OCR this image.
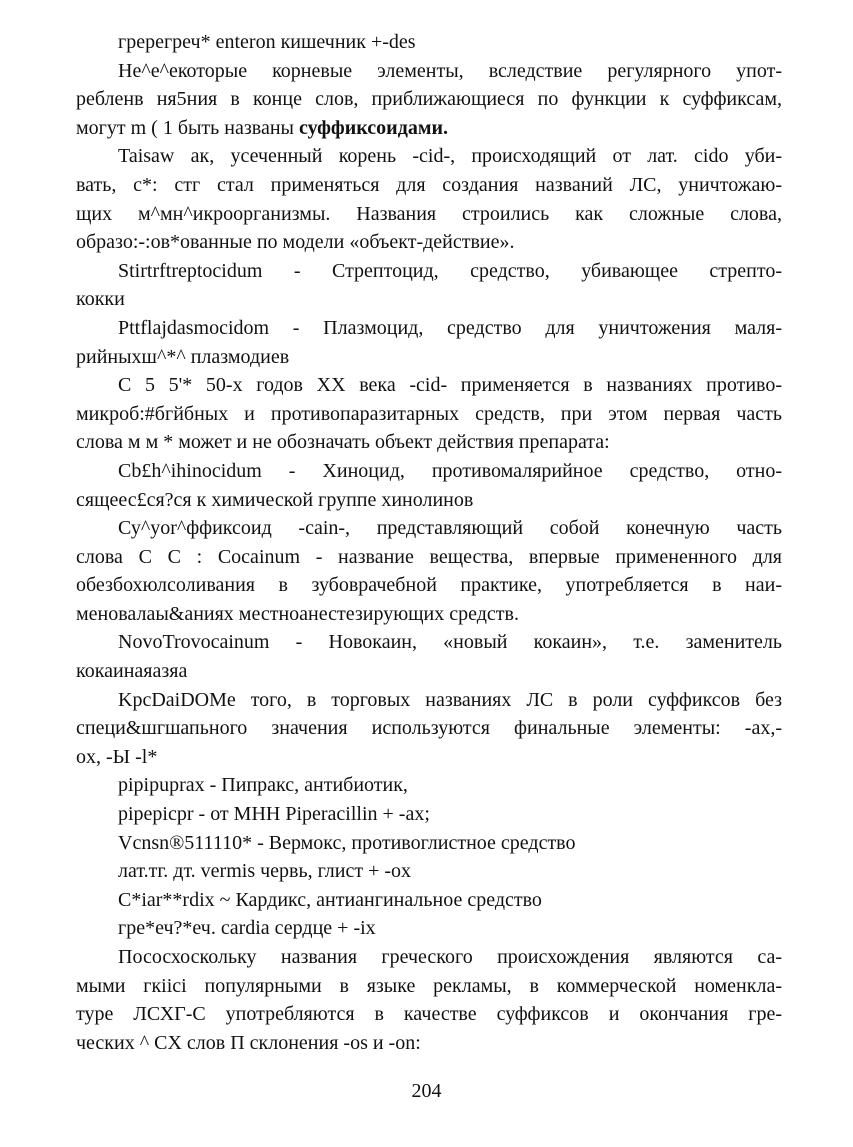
гререгреч* enteron кишечник +-des

Не^е^екоторые корневые элементы, вследствие регулярного упот-

ребленв ня5ния в конце слов, приближающиеся по функции к суффиксам,

могут m ( 1 быть названы суффиксоидами.

Taisaw ак, усеченный корень -cid-, происходящий от лат. cido уби-

вать, c*: стг стал применяться для создания названий ЛС, уничтожаю-

щих м^мн^икроорганизмы. Названия строились как сложные слова,

образо:-:ов*ованные по модели «объект-действие».

Stirtrftreptocidum - Стрептоцид, средство, убивающее стрепто-

кокки

Pttflajdasmocidom - Плазмоцид, средство для уничтожения маля-

рийныхш^*^ плазмодиев

С 5 5'* 50-х годов XX века -cid- применяется в названиях противо-

микроб:#бгйбных и противопаразитарных средств, при этом первая часть

слова м м * может и не обозначать объект действия препарата:

Cb£h^ihinocidum - Хиноцид, противомалярийное средство, отно-

сящеес£ся?ся к химической группе хинолинов

Су^yor^ффиксоид -cain-, представляющий собой конечную часть

слова С С : Cocainum - название вещества, впервые примененного для

обезбохюлсоливания в зубоврачебной практике, употребляется в наи-

меновалаы&аниях местноанестезирующих средств.

NovoTrovocainum - Новокаин, «новый кокаин», т.е. заменитель

кокаинаяазяа

KpcDaiDOMe того, в торговых названиях ЛС в роли суффиксов без

специ&шгшапьного значения используются финальные элементы: -ax,-

ox, -Ы -l*

pipipuprax - Пипракс, антибиотик,

pipepicpr - от МНН Piperacillin + -ax;

Vcnsn®511110* - Вермокс, противоглистное средство

лат.тг. дт. vermis червь, глист + -ox

C*iar**rdix ~ Кардикс, антиангинальное средство

гре*еч?*еч. cardia сердце + -ix

Пососхоскольку названия греческого происхождения являются са-

мыми гкiiсi популярными в языке рекламы, в коммерческой номенкла-

туре ЛСХГ-С употребляются в качестве суффиксов и окончания гре-

ческих ^ CX слов П склонения -os и -on:

204
